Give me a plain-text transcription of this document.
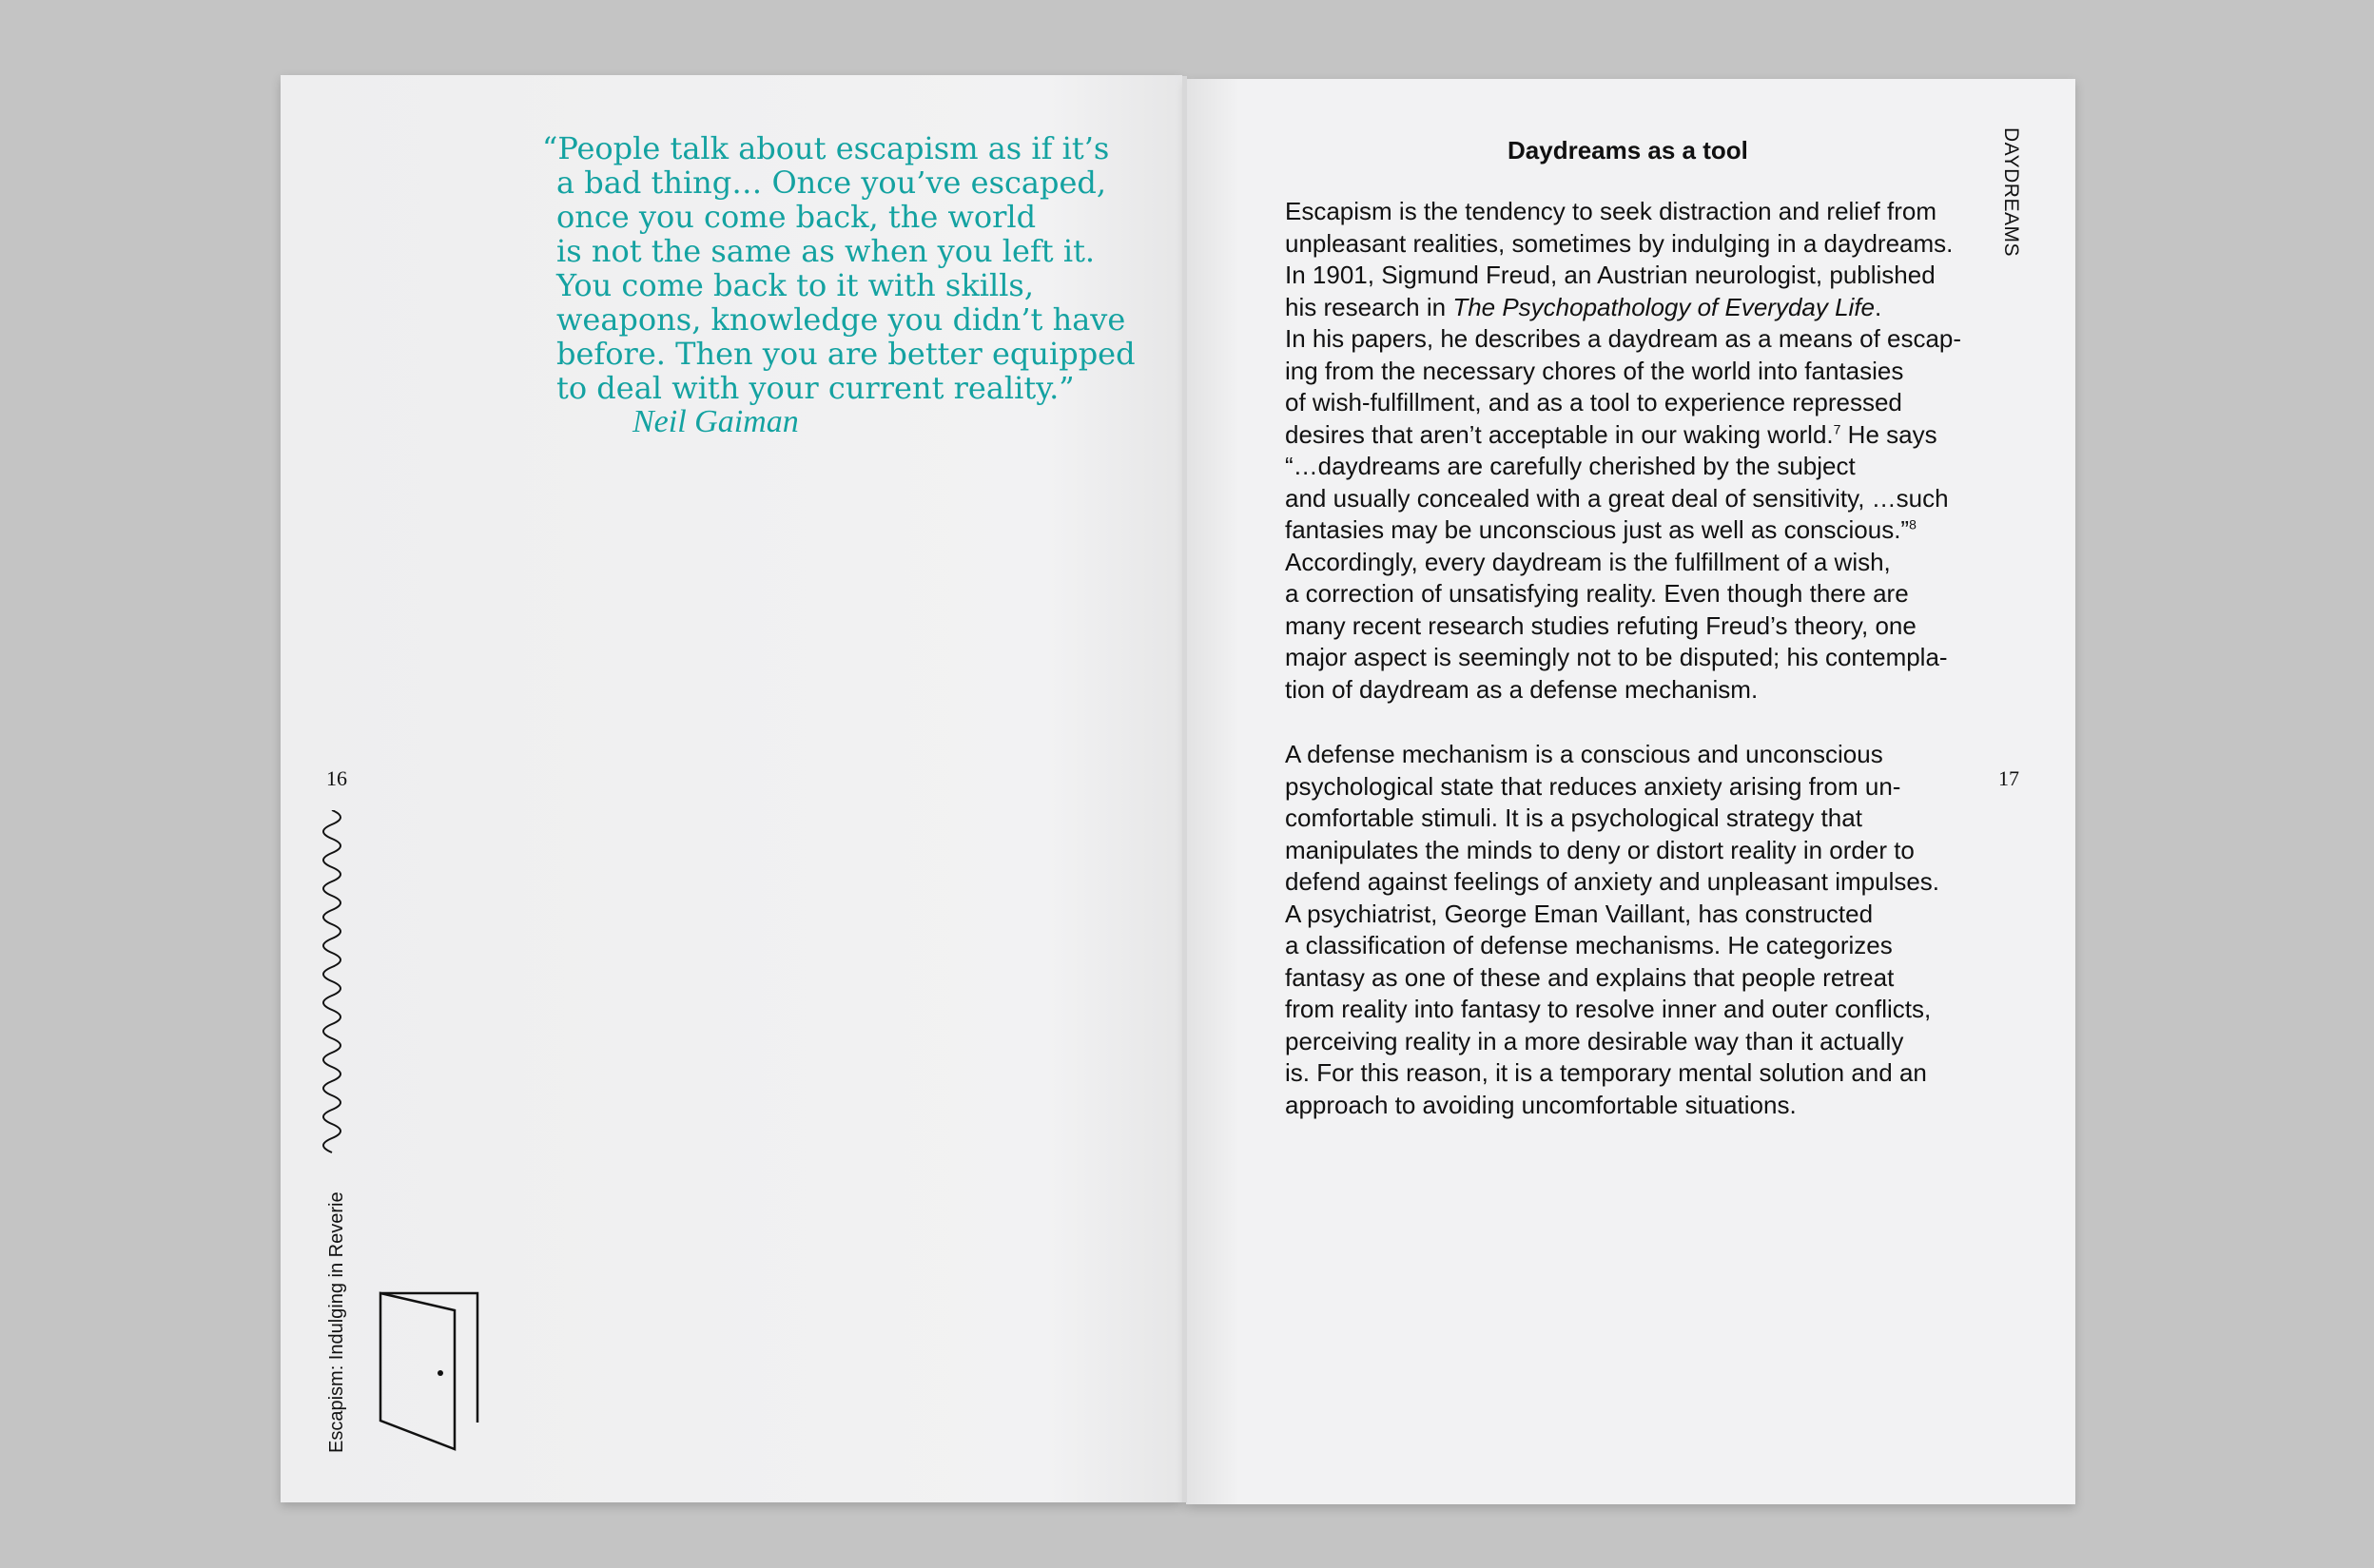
“People talk about escapism as if it’s
a bad thing… Once you’ve escaped,
once you come back, the world
is not the same as when you left it.
You come back to it with skills,
weapons, knowledge you didn’t have
before. Then you are better equipped
to deal with your current reality.”
Neil Gaiman
16
Escapism: Indulging in Reverie
Daydreams as a tool	DAYDREAMS
17
Escapism is the tendency to seek distraction and relief from
unpleasant realities, sometimes by indulging in a daydreams.
In 1901, Sigmund Freud, an Austrian neurologist, published
his research in The Psychopathology of Everyday Life.
In his papers, he describes a daydream as a means of escap-
ing from the necessary chores of the world into fantasies
of wish-fulfillment, and as a tool to experience repressed
desires that aren’t acceptable in our waking world.$^7$ He says
“…daydreams are carefully cherished by the subject
and usually concealed with a great deal of sensitivity, …such
fantasies may be unconscious just as well as conscious.”$^8$
Accordingly, every daydream is the fulfillment of a wish,
a correction of unsatisfying reality. Even though there are
many recent research studies refuting Freud’s theory, one
major aspect is seemingly not to be disputed; his contempla-
tion of daydream as a defense mechanism.
A defense mechanism is a conscious and unconscious
psychological state that reduces anxiety arising from un-
comfortable stimuli. It is a psychological strategy that
manipulates the minds to deny or distort reality in order to
defend against feelings of anxiety and unpleasant impulses.
A psychiatrist, George Eman Vaillant, has constructed
a classification of defense mechanisms. He categorizes
fantasy as one of these and explains that people retreat
from reality into fantasy to resolve inner and outer conflicts,
perceiving reality in a more desirable way than it actually
is. For this reason, it is a temporary mental solution and an
approach to avoiding uncomfortable situations.
